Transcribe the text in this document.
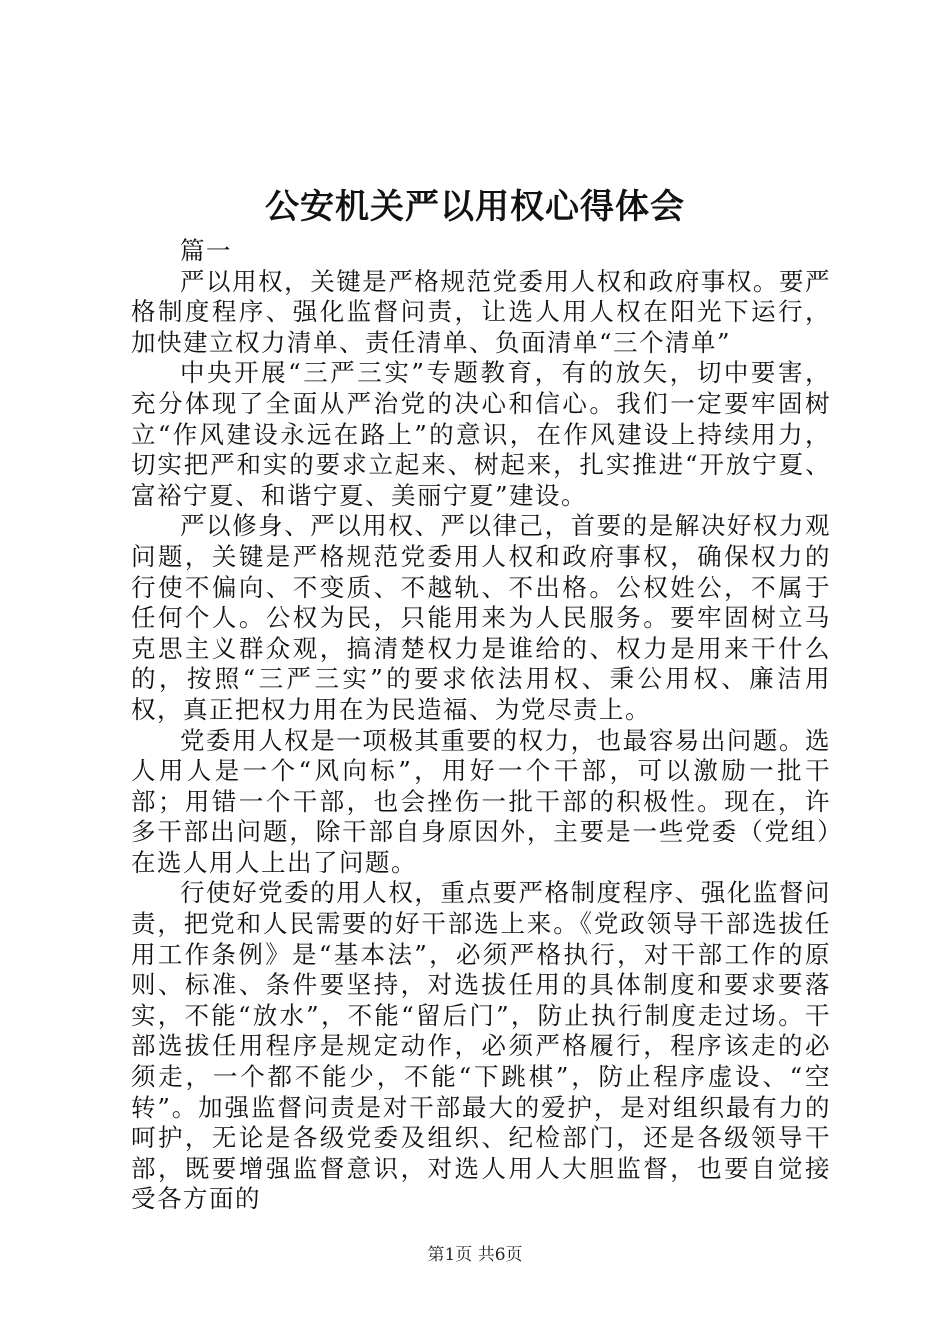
公安机关严以用权心得体会

篇一

严以用权，关键是严格规范党委用人权和政府事权。要严格制度程序、强化监督问责，让选人用人权在阳光下运行，加快建立权力清单、责任清单、负面清单“三个清单”

中央开展“三严三实”专题教育，有的放矢，切中要害，充分体现了全面从严治党的决心和信心。我们一定要牢固树立“作风建设永远在路上”的意识，在作风建设上持续用力，切实把严和实的要求立起来、树起来，扎实推进“开放宁夏、富裕宁夏、和谐宁夏、美丽宁夏”建设。

严以修身、严以用权、严以律己，首要的是解决好权力观问题，关键是严格规范党委用人权和政府事权，确保权力的行使不偏向、不变质、不越轨、不出格。公权姓公，不属于任何个人。公权为民，只能用来为人民服务。要牢固树立马克思主义群众观，搞清楚权力是谁给的、权力是用来干什么的，按照“三严三实”的要求依法用权、秉公用权、廉洁用权，真正把权力用在为民造福、为党尽责上。

党委用人权是一项极其重要的权力，也最容易出问题。选人用人是一个“风向标”，用好一个干部，可以激励一批干部；用错一个干部，也会挫伤一批干部的积极性。现在，许多干部出问题，除干部自身原因外，主要是一些党委（党组）在选人用人上出了问题。

行使好党委的用人权，重点要严格制度程序、强化监督问责，把党和人民需要的好干部选上来。《党政领导干部选拔任用工作条例》是“基本法”，必须严格执行，对干部工作的原则、标准、条件要坚持，对选拔任用的具体制度和要求要落实，不能“放水”，不能“留后门”，防止执行制度走过场。干部选拔任用程序是规定动作，必须严格履行，程序该走的必须走，一个都不能少，不能“下跳棋”，防止程序虚设、“空转”。加强监督问责是对干部最大的爱护，是对组织最有力的呵护，无论是各级党委及组织、纪检部门，还是各级领导干部，既要增强监督意识，对选人用人大胆监督，也要自觉接受各方面的

第1页 共6页
